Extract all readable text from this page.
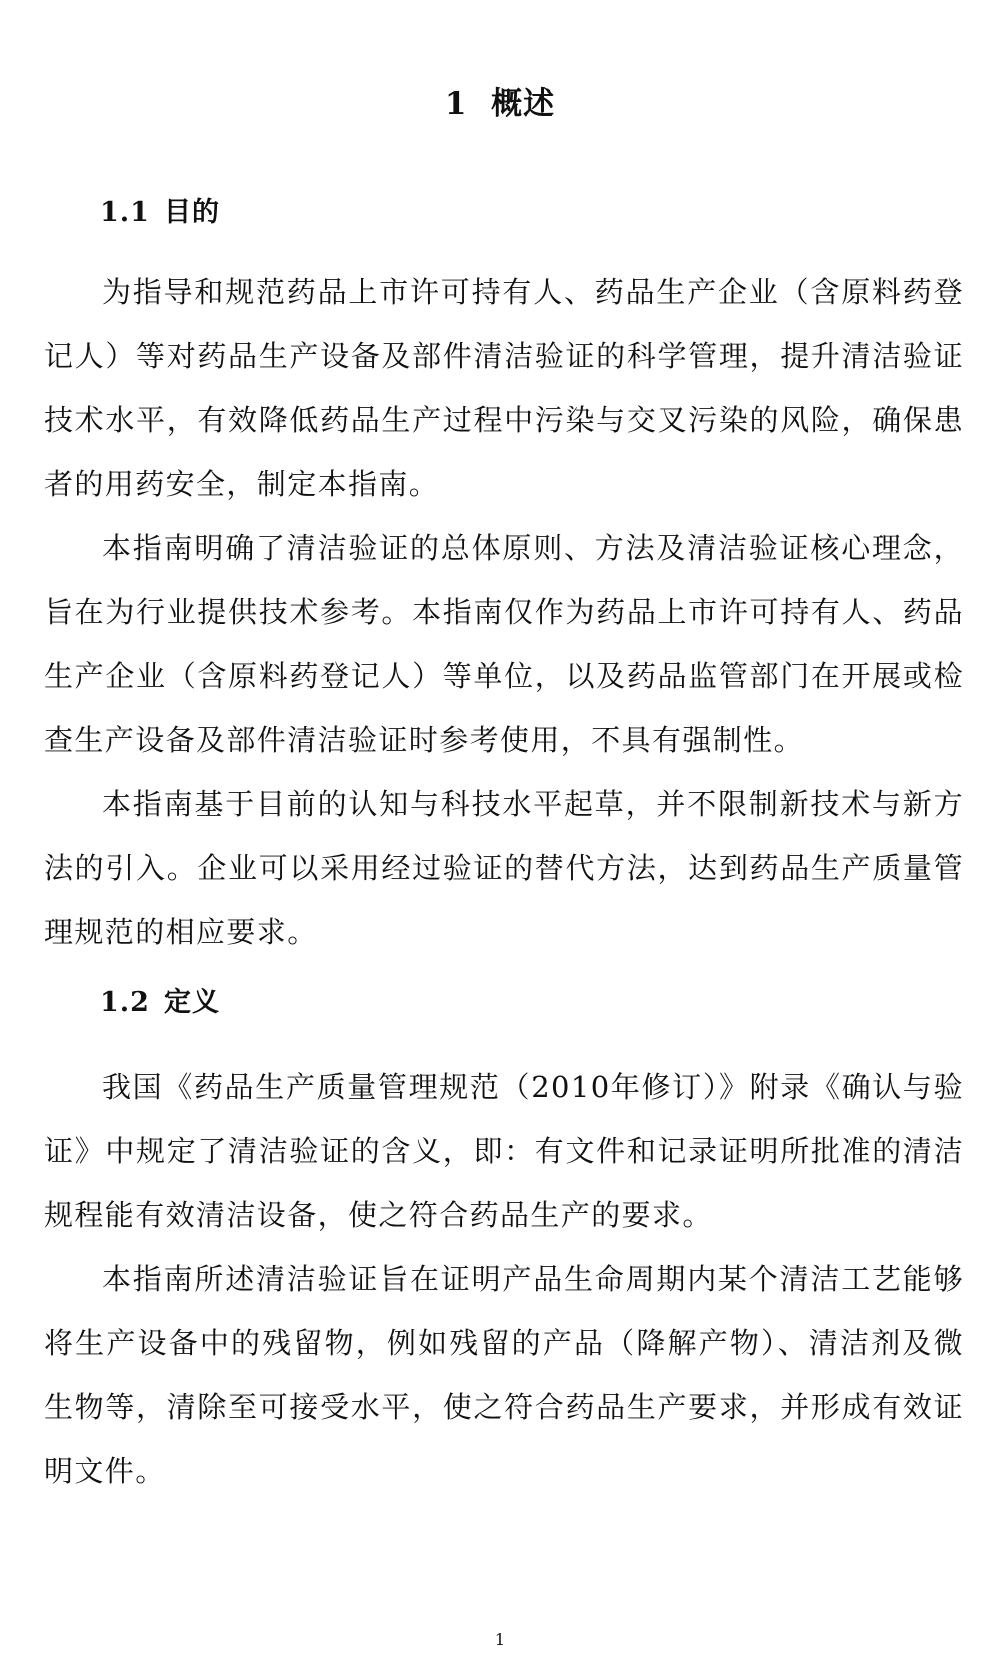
1 概述
1.1 目的

为指导和规范药品上市许可持有人、药品生产企业（含原料药登记人）等对药品生产设备及部件清洁验证的科学管理，提升清洁验证技术水平，有效降低药品生产过程中污染与交叉污染的风险，确保患者的用药安全，制定本指南。

本指南明确了清洁验证的总体原则、方法及清洁验证核心理念，旨在为行业提供技术参考。本指南仅作为药品上市许可持有人、药品生产企业（含原料药登记人）等单位，以及药品监管部门在开展或检查生产设备及部件清洁验证时参考使用，不具有强制性。

本指南基于目前的认知与科技水平起草，并不限制新技术与新方法的引入。企业可以采用经过验证的替代方法，达到药品生产质量管理规范的相应要求。

1.2 定义

我国《药品生产质量管理规范（2010年修订）》附录《确认与验证》中规定了清洁验证的含义，即：有文件和记录证明所批准的清洁规程能有效清洁设备，使之符合药品生产的要求。

本指南所述清洁验证旨在证明产品生命周期内某个清洁工艺能够将生产设备中的残留物，例如残留的产品（降解产物）、清洁剂及微生物等，清除至可接受水平，使之符合药品生产要求，并形成有效证明文件。

1
